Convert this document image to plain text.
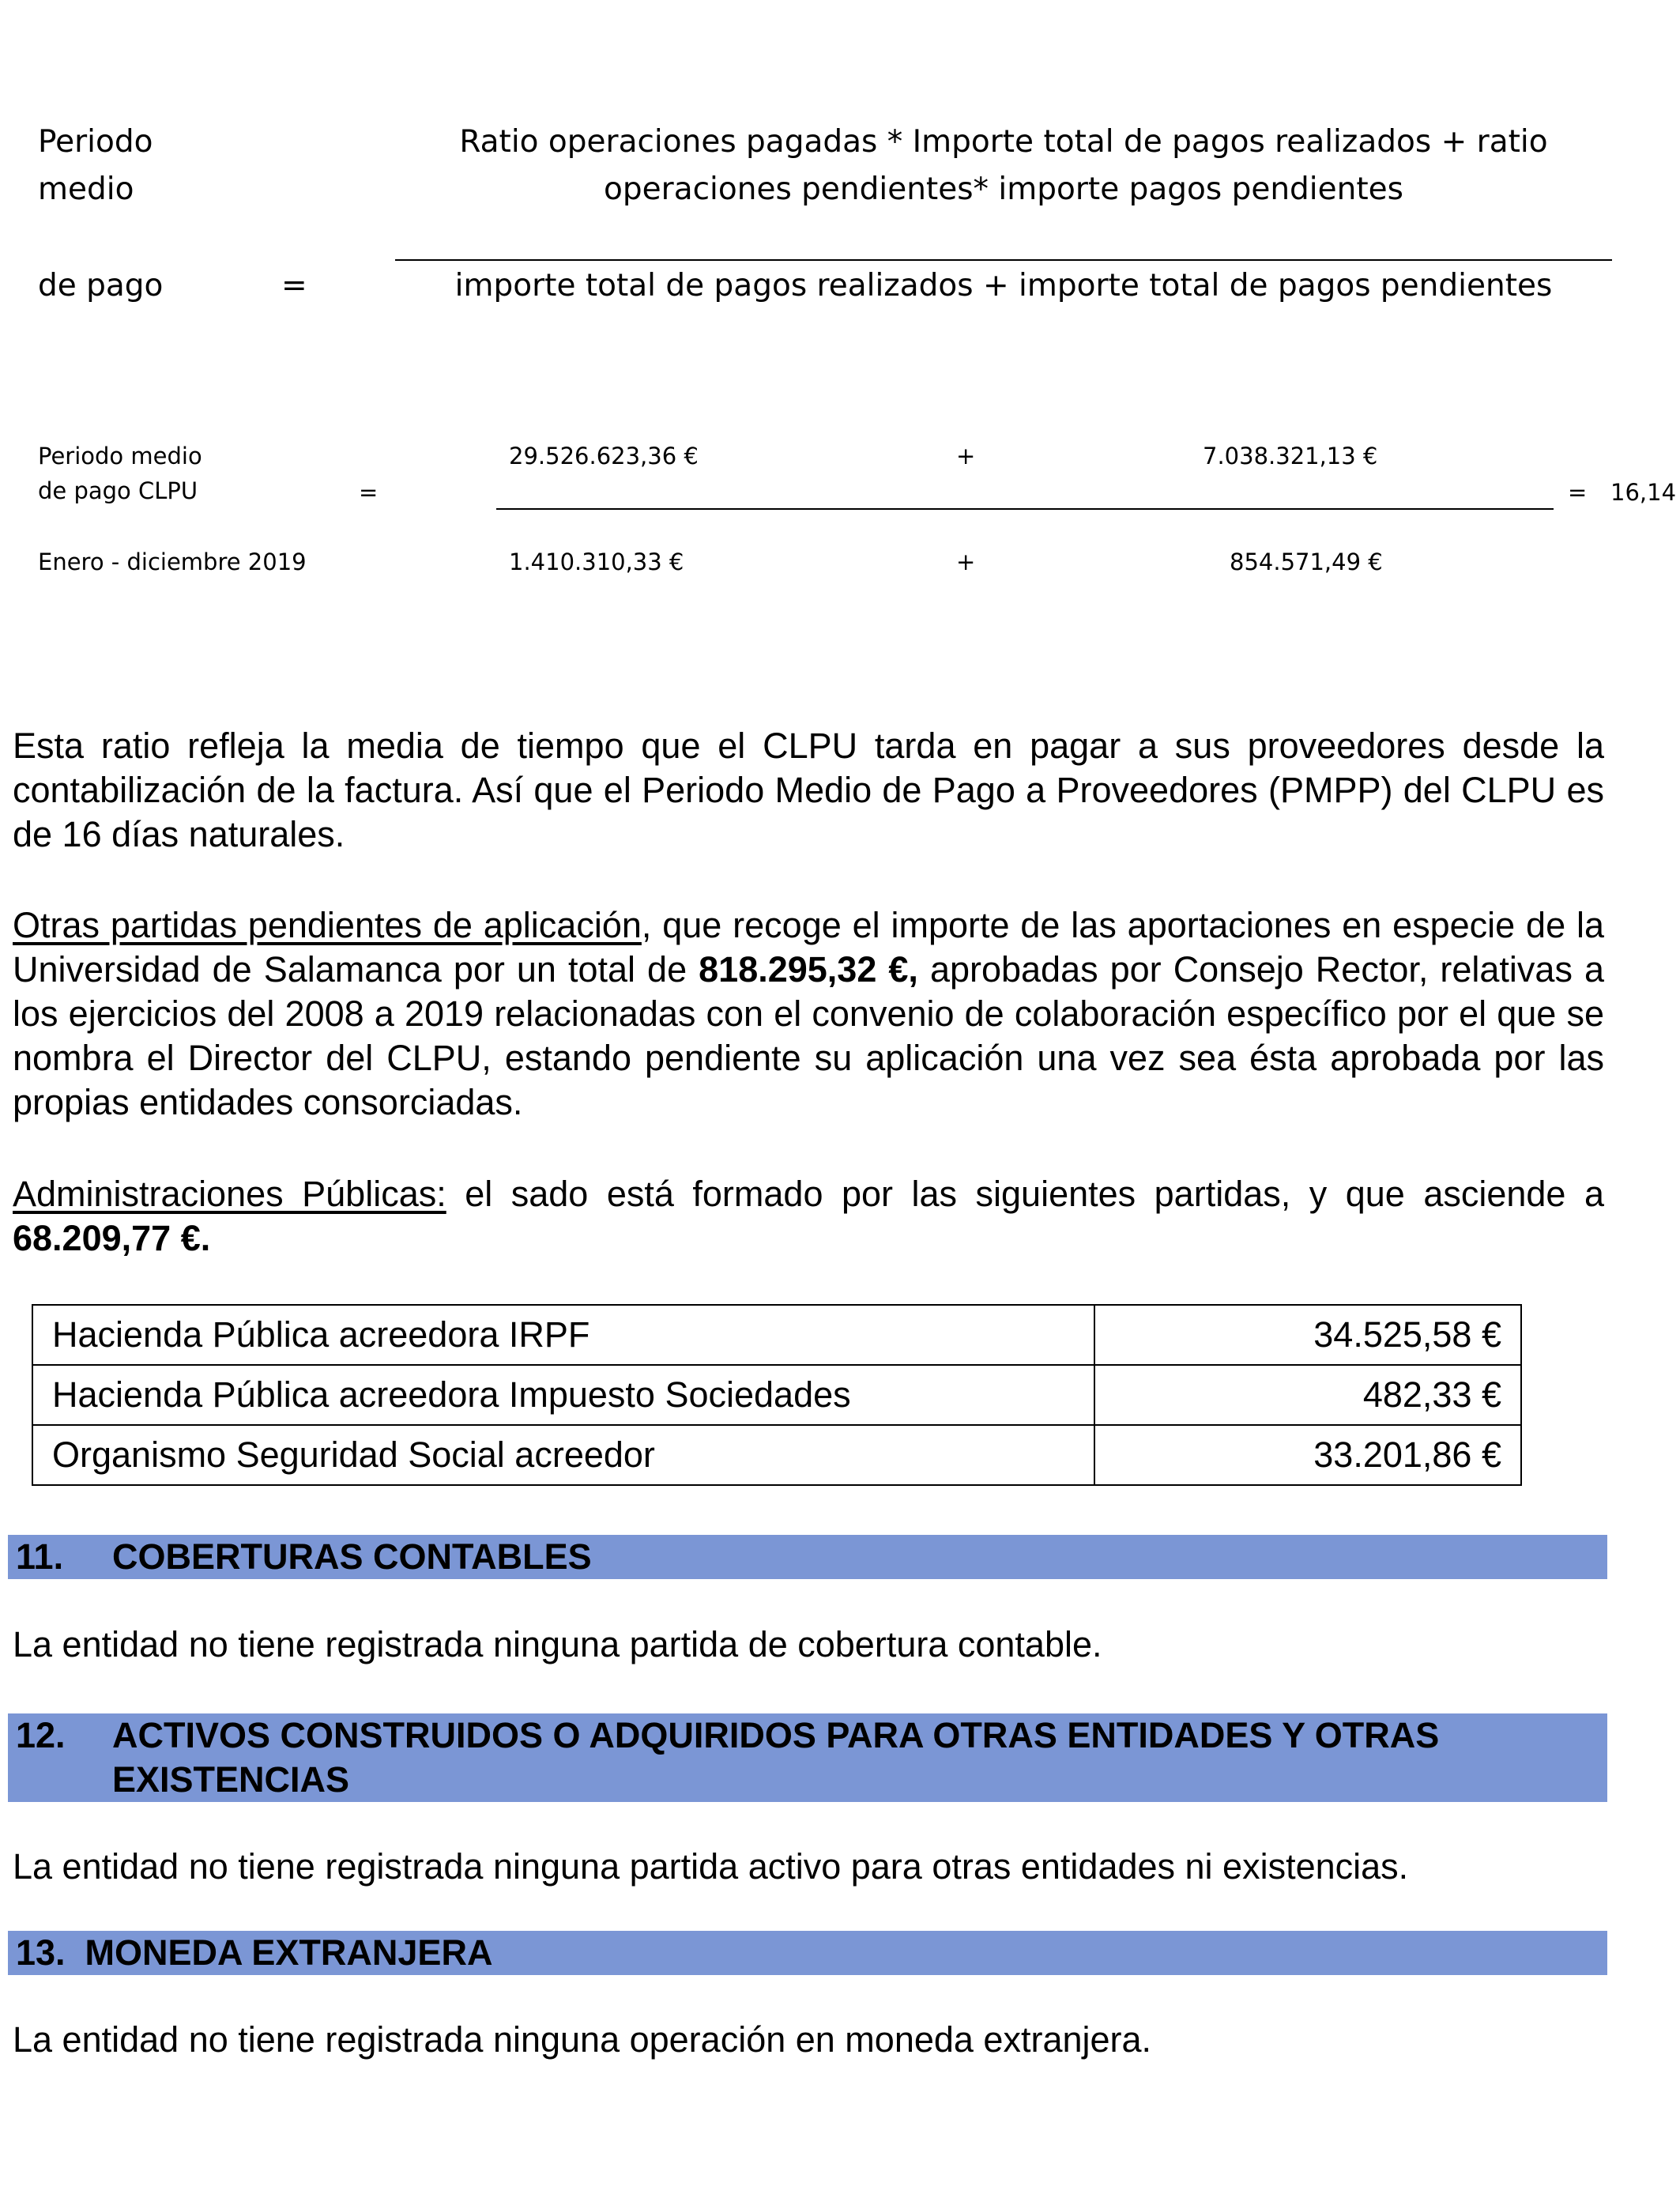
Periodo
medio
de pago	=
Ratio operaciones pagadas * Importe total de pagos realizados + ratio
operaciones pendientes* importe pagos pendientes
importe total de pagos realizados + importe total de pagos pendientes
Periodo medio
de pago CLPU	=
29.526.623,36 €	+	7.038.321,13 €
= 16,14
Enero - diciembre 2019	1.410.310,33 €	+	854.571,49 €
Esta ratio refleja la media de tiempo que el CLPU tarda en pagar a sus proveedores desde la contabilización de la factura. Así que el Periodo Medio de Pago a Proveedores (PMPP) del CLPU es de 16 días naturales.
Otras partidas pendientes de aplicación, que recoge el importe de las aportaciones en especie de la Universidad de Salamanca por un total de 818.295,32 €, aprobadas por Consejo Rector, relativas a los ejercicios del 2008 a 2019 relacionadas con el convenio de colaboración específico por el que se nombra el Director del CLPU, estando pendiente su aplicación una vez sea ésta aprobada por las propias entidades consorciadas.
Administraciones Públicas: el sado está formado por las siguientes partidas, y que asciende a 68.209,77 €.
Hacienda Pública acreedora IRPF	34.525,58 €
Hacienda Pública acreedora Impuesto Sociedades	482,33 €
Organismo Seguridad Social acreedor	33.201,86 €
11. COBERTURAS CONTABLES
La entidad no tiene registrada ninguna partida de cobertura contable.
12. ACTIVOS CONSTRUIDOS O ADQUIRIDOS PARA OTRAS ENTIDADES Y OTRAS
EXISTENCIAS
La entidad no tiene registrada ninguna partida activo para otras entidades ni existencias.
13.  MONEDA EXTRANJERA
La entidad no tiene registrada ninguna operación en moneda extranjera.
